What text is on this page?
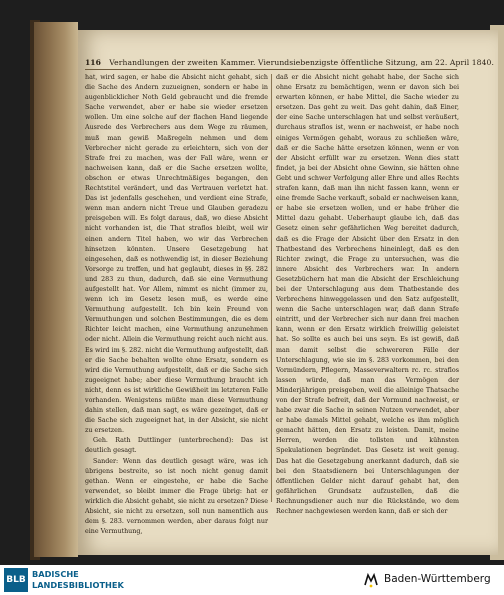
116 Verhandlungen der zweiten Kammer. Vierundsiebenzigste öffentliche Sitzung, am 22. April 1840.

hat, wird sagen, er habe die Absicht nicht gehabt, sich die Sache des Andern zuzueignen, sondern er habe in augenblicklicher Noth Geld gebraucht und die fremde Sache verwendet, aber er habe sie wieder ersetzen wollen. Um eine solche auf der flachen Hand liegende Ausrede des Verbrechers aus dem Wege zu räumen, muß man gewiß Maßregeln nehmen und dem Verbrecher nicht gerade zu erleichtern, sich von der Strafe frei zu machen, was der Fall wäre, wenn er nachweisen kann, daß er die Sache ersetzen wollte, obschon er etwas Unrechtmäßiges begangen, den Rechtstitel verändert, und das Vertrauen verletzt hat. Das ist jedenfalls geschehen, und verdient eine Strafe, wenn man andern nicht Treue und Glauben geradezu preisgeben will. Es folgt daraus, daß, wo diese Absicht nicht vorhanden ist, die That straflos bleibt, weil wir einen andern Titel haben, wo wir das Verbrechen hinsetzen könnten. Unsere Gesetzgebung hat eingesehen, daß es nothwendig ist, in dieser Beziehung Vorsorge zu treffen, und hat geglaubt, dieses in §§. 282 und 283 zu thun, dadurch, daß sie eine Vermuthung aufgestellt hat. Vor Allem, nimmt es nicht (immer zu, wenn ich im Gesetz lesen muß, es werde eine Vermuthung aufgestellt. Ich bin kein Freund von Vermuthungen und solchen Bestimmungen, die es dem Richter leicht machen, eine Vermuthung anzunehmen oder nicht. Allein die Vermuthung reicht auch nicht aus. Es wird im §. 282. nicht die Vermuthung aufgestellt, daß er die Sache behalten wollte ohne Ersatz, sondern es wird die Vermuthung aufgestellt, daß er die Sache sich zugeeignet habe; aber diese Vermuthung braucht ich nicht, denn es ist wirkliche Gewißheit im letzteren Falle vorhanden. Wenigstens müßte man diese Vermuthung dahin stellen, daß man sagt, es wäre gezeinget, daß er die Sache sich zugeeignet hat, in der Absicht, sie nicht zu ersetzen.

Geh. Rath Duttlinger (unterbrechend): Das ist deutlich gesagt.

Sander: Wenn das deutlich gesagt wäre, was ich übrigens bestreite, so ist noch nicht genug damit gethan. Wenn er eingestehe, er habe die Sache verwendet, so bleibt immer die Frage übrig: hat er wirklich die Absicht gehabt, sie nicht zu ersetzen? Diese Absicht, sie nicht zu ersetzen, soll nun namentlich aus dem §. 283. vernommen werden, aber daraus folgt nur eine Vermuthung,

daß er die Absicht nicht gehabt habe, der Sache sich ohne Ersatz zu bemächtigen, wenn er davon sich bei erwarten können, er habe Mittel, die Sache wieder zu ersetzen. Das geht zu weit. Das geht dahin, daß Einer, der eine Sache unterschlagen hat und selbst veräußert, durchaus straflos ist, wenn er nachweist, er habe noch einiges Vermögen gehabt, woraus zu schließen wäre, daß er die Sache hätte ersetzen können, wenn er von der Absicht erfüllt war zu ersetzen. Wenn dies statt findet, ja bei der Absicht ohne Gewinn, sie hätten ohne Gebt und schwer Verfolgung aller Ehre und alles Rechts strafen kann, daß man ihn nicht fassen kann, wenn er eine fremde Sache verkauft, sobald er nachweisen kann, er habe sie ersetzen wollen, und er habe früher die Mittel dazu gehabt. Ueberhaupt glaube ich, daß das Gesetz einen sehr gefährlichen Weg bereitet dadurch, daß es die Frage der Absicht über den Ersatz in den Thatbestand des Verbrechens hineinlegt, daß es den Richter zwingt, die Frage zu untersuchen, was die innere Absicht des Verbrechers war. In andern Gesetzbüchern hat man die Absicht der Erschleichung bei der Unterschlagung aus dem Thatbestande des Verbrechens hinweggelassen und den Satz aufgestellt, wenn die Sache unterschlagen war, daß dann Strafe eintritt, und der Verbrecher sich nur dann frei machen kann, wenn er den Ersatz wirklich freiwillig geleistet hat. So sollte es auch bei uns seyn. Es ist gewiß, daß man damit selbst die schwereren Fälle der Unterschlagung, wie sie im §. 283 vorkommen, bei den Vormündern, Pflegern, Masseverwaltern rc. rc. straflos lassen würde, daß man das Vermögen der Minderjährigen preisgeben, weil die alleinige Thatsache von der Strafe befreit, daß der Vormund nachweist, er habe zwar die Sache in seinen Nutzen verwendet, aber er habe damals Mittel gehabt, welche es ihm möglich gemacht hätten, den Ersatz zu leisten. Damit, meine Herren, werden die tollsten und kühnsten Spekulationen begründet. Das Gesetz ist weit genug. Das hat die Gesetzgebung anerkannt dadurch, daß sie bei den Staatsdienern bei Unterschlagungen der öffentlichen Gelder nicht darauf gehabt hat, den gefährlichen Grundsatz aufzustellen, daß die Rechnungsdiener auch nur die Rückstände, wo dem Rechner nachgewiesen werden kann, daß er sich der

BLB
BADISCHE
LANDESBIBLIOTHEK	Baden-Württemberg
